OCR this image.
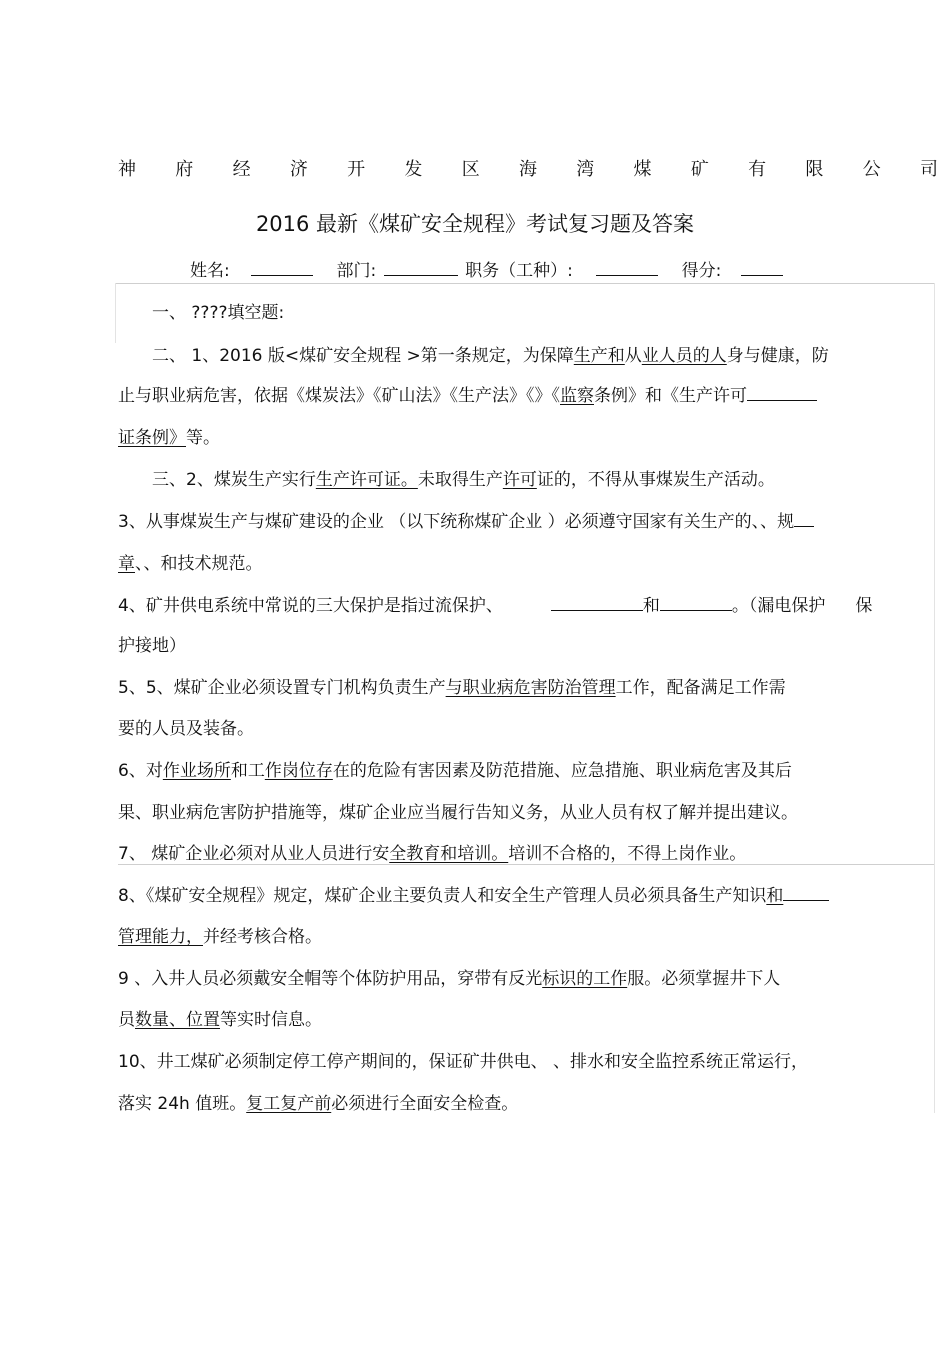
神 府 经 济 开 发 区 海 湾 煤 矿 有 限 公 司
2016 最新《煤矿安全规程》考试复习题及答案
姓名:	部门:	职务（工种）:	得分:
一、 ????填空题:
二、 1、2016 版<煤矿安全规程 >第一条规定，为保障生产和从业人员的人身与健康，防
止与职业病危害，依据《煤炭法》《矿山法》《生产法》《》《监察条例》和《生产许可
证条例》等。
三、2、煤炭生产实行生产许可证。未取得生产许可证的，不得从事煤炭生产活动。
3、从事煤炭生产与煤矿建设的企业 （以下统称煤矿企业 ）必须遵守国家有关生产的、、规
章、、和技术规范。
4、矿井供电系统中常说的三大保护是指过流保护、	和	。（漏电保护 保
护接地）
5、5、煤矿企业必须设置专门机构负责生产与职业病危害防治管理工作，配备满足工作需
要的人员及装备。
6、对作业场所和工作岗位存在的危险有害因素及防范措施、应急措施、职业病危害及其后
果、职业病危害防护措施等，煤矿企业应当履行告知义务，从业人员有权了解并提出建议。
7、 煤矿企业必须对从业人员进行安全教育和培训。培训不合格的，不得上岗作业。
8、《煤矿安全规程》规定，煤矿企业主要负责人和安全生产管理人员必须具备生产知识和
管理能力，并经考核合格。
9 、入井人员必须戴安全帽等个体防护用品，穿带有反光标识的工作服。必须掌握井下人
员数量、位置等实时信息。
10、井工煤矿必须制定停工停产期间的，保证矿井供电、 、排水和安全监控系统正常运行，
落实 24h 值班。复工复产前必须进行全面安全检查。
